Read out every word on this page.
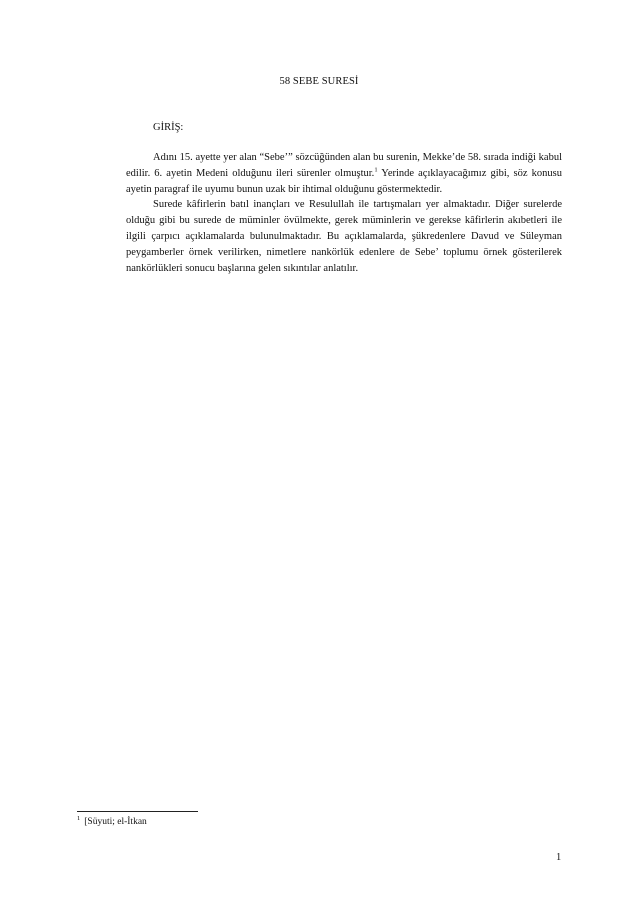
58 SEBE SURESİ
GİRİŞ:

Adını 15. ayette yer alan “Sebe’” sözcüğünden alan bu surenin, Mekke’de 58. sırada indiği kabul edilir. 6. ayetin Medeni olduğunu ileri sürenler olmuştur.$^1$ Yerinde açıklayacağımız gibi, söz konusu ayetin paragraf ile uyumu bunun uzak bir ihtimal olduğunu göstermektedir.

Surede kâfirlerin batıl inançları ve Resulullah ile tartışmaları yer almaktadır. Diğer surelerde olduğu gibi bu surede de müminler övülmekte, gerek müminlerin ve gerekse kâfirlerin akıbetleri ile ilgili çarpıcı açıklamalarda bulunulmaktadır. Bu açıklamalarda, şükredenlere Davud ve Süleyman peygamberler örnek verilirken, nimetlere nankörlük edenlere de Sebe’ toplumu örnek gösterilerek nankörlükleri sonucu başlarına gelen sıkıntılar anlatılır.

$^1$ [Süyuti; el-İtkan
1
